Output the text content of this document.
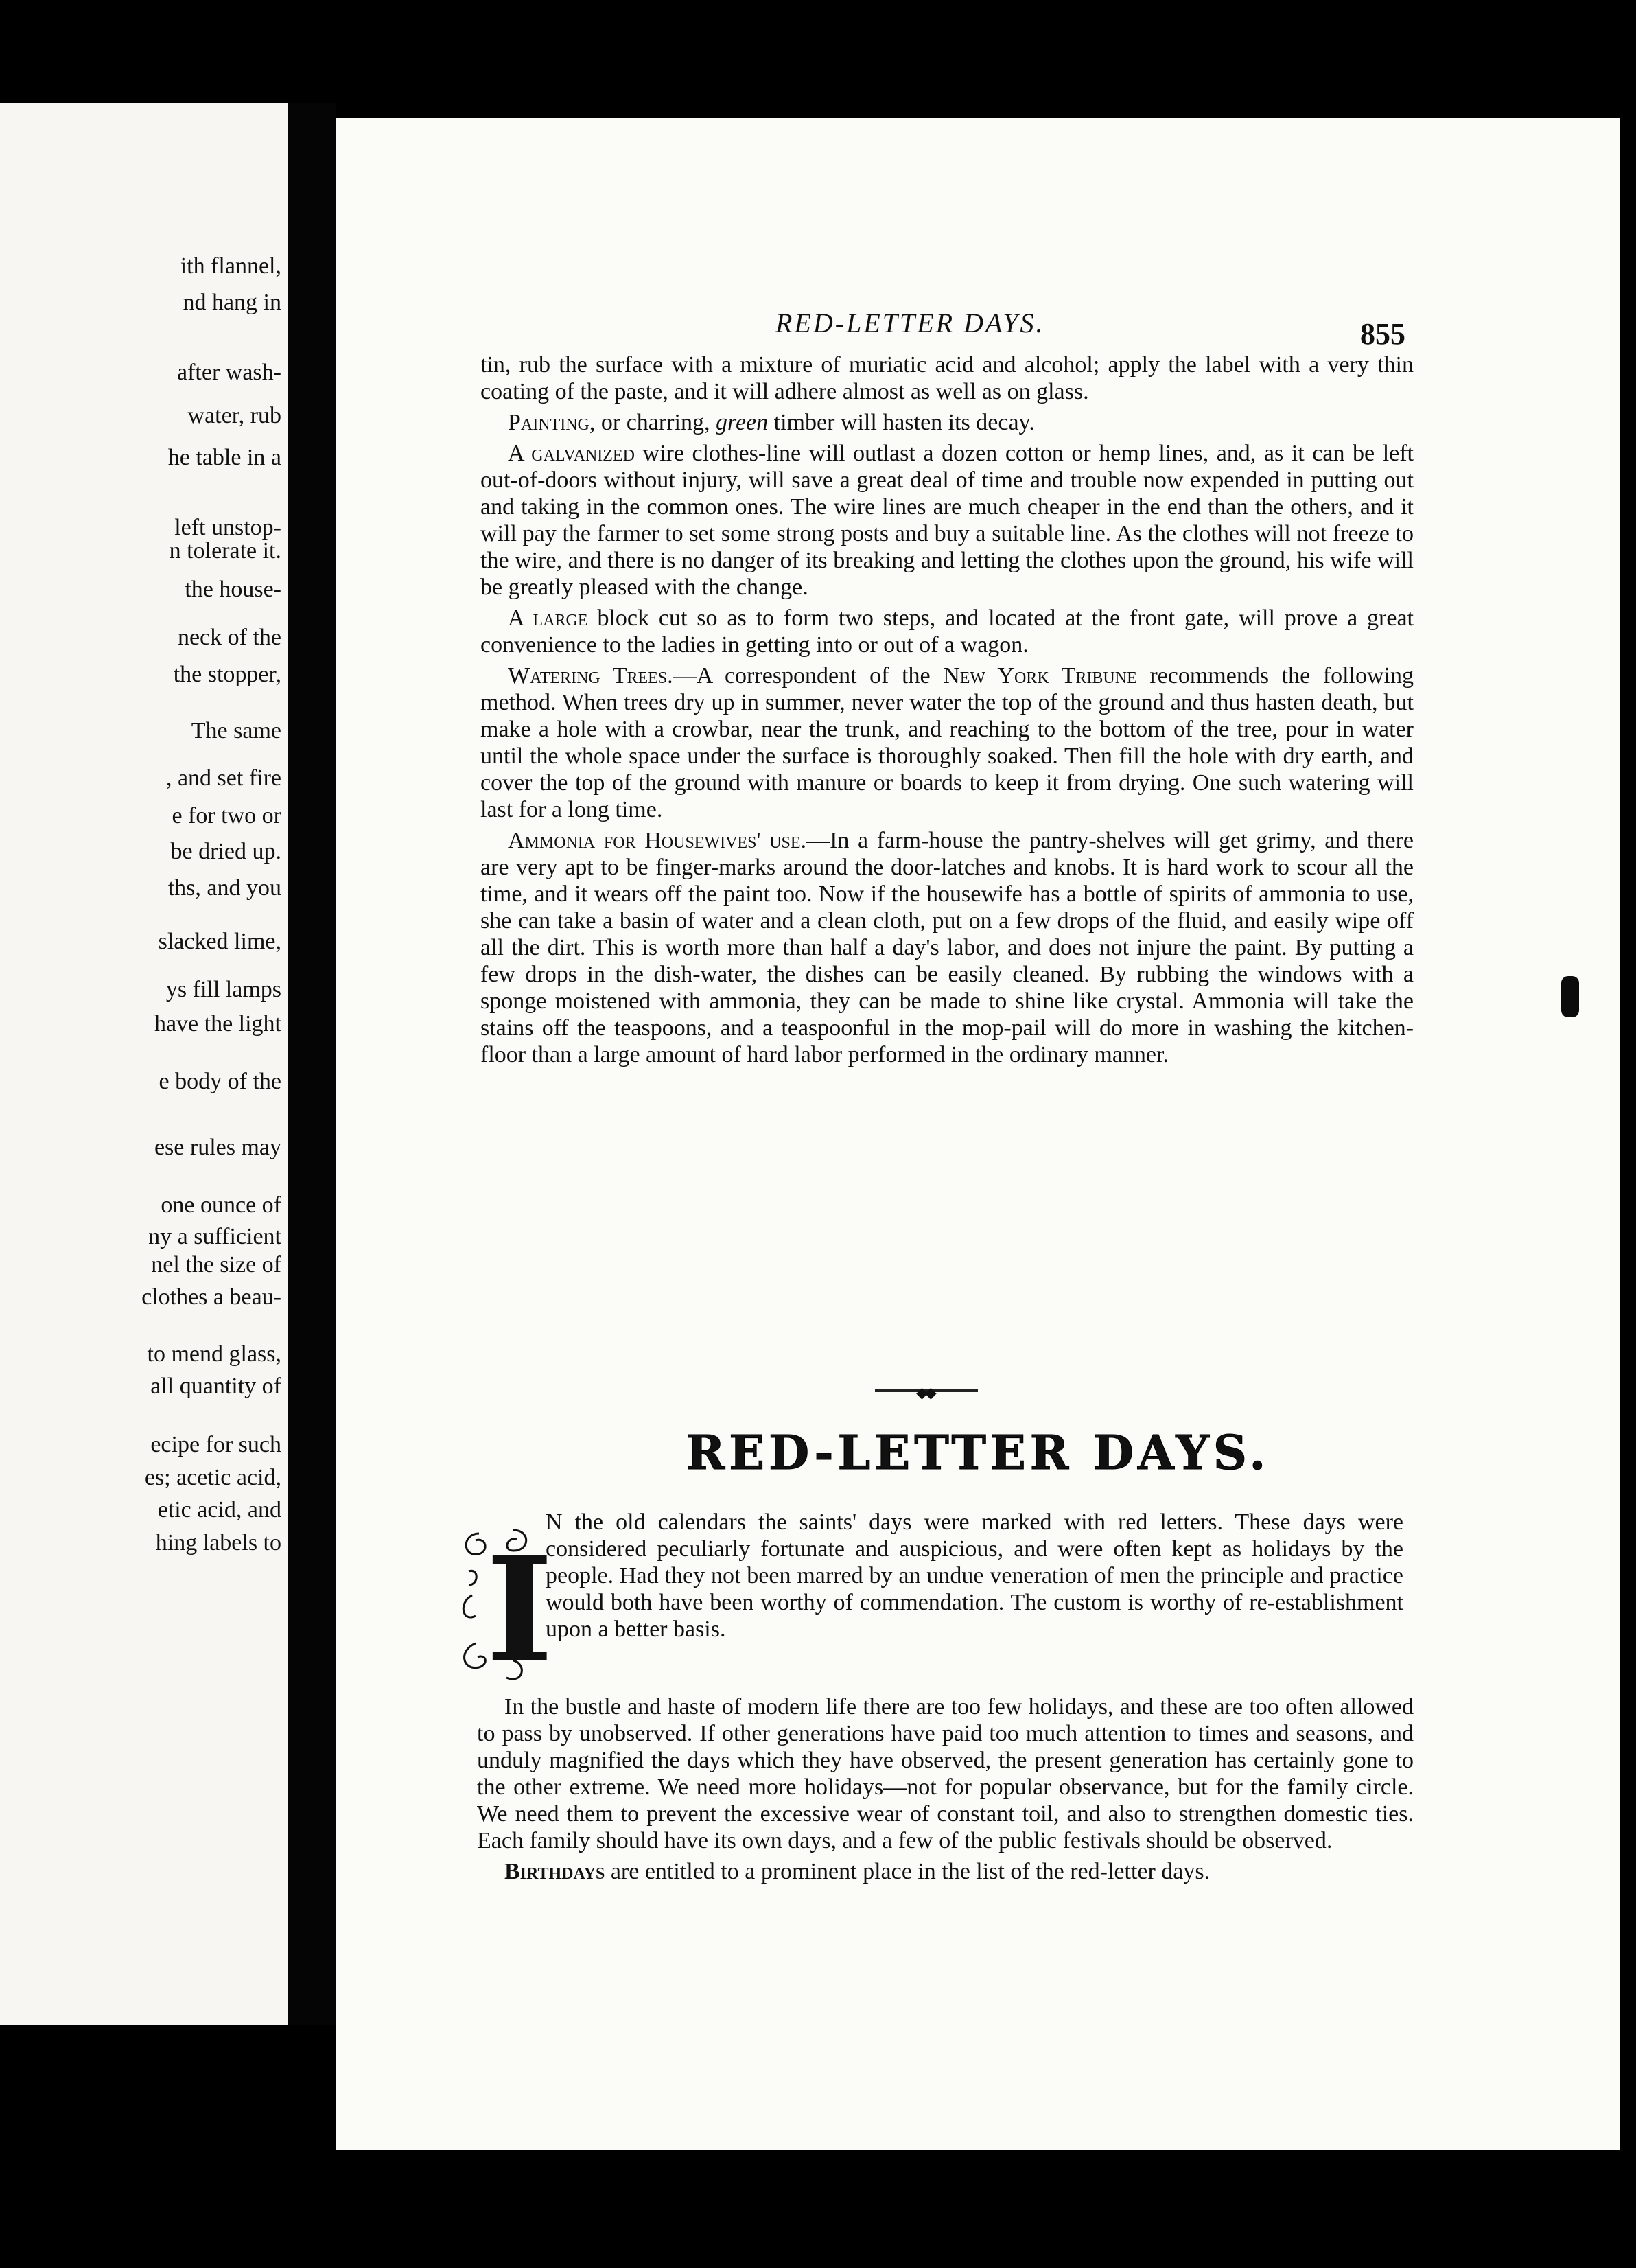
ith flannel,
nd hang in
after wash-
water, rub
he table in a
left unstop-
n tolerate it.
the house-
neck of the
the stopper,
The same
, and set fire
e for two or
be dried up.
ths, and you
slacked lime,
ys fill lamps
have the light
e body of the
ese rules may
one ounce of
ny a sufficient
nel the size of
clothes a beau-
to mend glass,
all quantity of
ecipe for such
es; acetic acid,
etic acid, and
hing labels to
RED-LETTER DAYS.	855

tin, rub the surface with a mixture of muriatic acid and alcohol; apply the label with a very thin coating of the paste, and it will adhere almost as well as on glass.

Painting, or charring, green timber will hasten its decay.

A galvanized wire clothes-line will outlast a dozen cotton or hemp lines, and, as it can be left out-of-doors without injury, will save a great deal of time and trouble now expended in putting out and taking in the common ones. The wire lines are much cheaper in the end than the others, and it will pay the farmer to set some strong posts and buy a suitable line. As the clothes will not freeze to the wire, and there is no danger of its breaking and letting the clothes upon the ground, his wife will be greatly pleased with the change.

A large block cut so as to form two steps, and located at the front gate, will prove a great convenience to the ladies in getting into or out of a wagon.

Watering Trees.—A correspondent of the New York Tribune recommends the following method. When trees dry up in summer, never water the top of the ground and thus hasten death, but make a hole with a crowbar, near the trunk, and reaching to the bottom of the tree, pour in water until the whole space under the surface is thoroughly soaked. Then fill the hole with dry earth, and cover the top of the ground with manure or boards to keep it from drying. One such watering will last for a long time.

Ammonia for Housewives' use.—In a farm-house the pantry-shelves will get grimy, and there are very apt to be finger-marks around the door-latches and knobs. It is hard work to scour all the time, and it wears off the paint too. Now if the housewife has a bottle of spirits of ammonia to use, she can take a basin of water and a clean cloth, put on a few drops of the fluid, and easily wipe off all the dirt. This is worth more than half a day's labor, and does not injure the paint. By putting a few drops in the dish-water, the dishes can be easily cleaned. By rubbing the windows with a sponge moistened with ammonia, they can be made to shine like crystal. Ammonia will take the stains off the teaspoons, and a teaspoonful in the mop-pail will do more in washing the kitchen-floor than a large amount of hard labor performed in the ordinary manner.

◆◆
RED-LETTER DAYS.
I

N the old calendars the saints' days were marked with red letters. These days were considered peculiarly fortunate and auspicious, and were often kept as holidays by the people. Had they not been marred by an undue veneration of men the principle and practice would both have been worthy of commendation. The custom is worthy of re-establishment upon a better basis.

In the bustle and haste of modern life there are too few holidays, and these are too often allowed to pass by unobserved. If other generations have paid too much attention to times and seasons, and unduly magnified the days which they have observed, the present generation has certainly gone to the other extreme. We need more holidays—not for popular observance, but for the family circle. We need them to prevent the excessive wear of constant toil, and also to strengthen domestic ties. Each family should have its own days, and a few of the public festivals should be observed.

Birthdays are entitled to a prominent place in the list of the red-letter days.
